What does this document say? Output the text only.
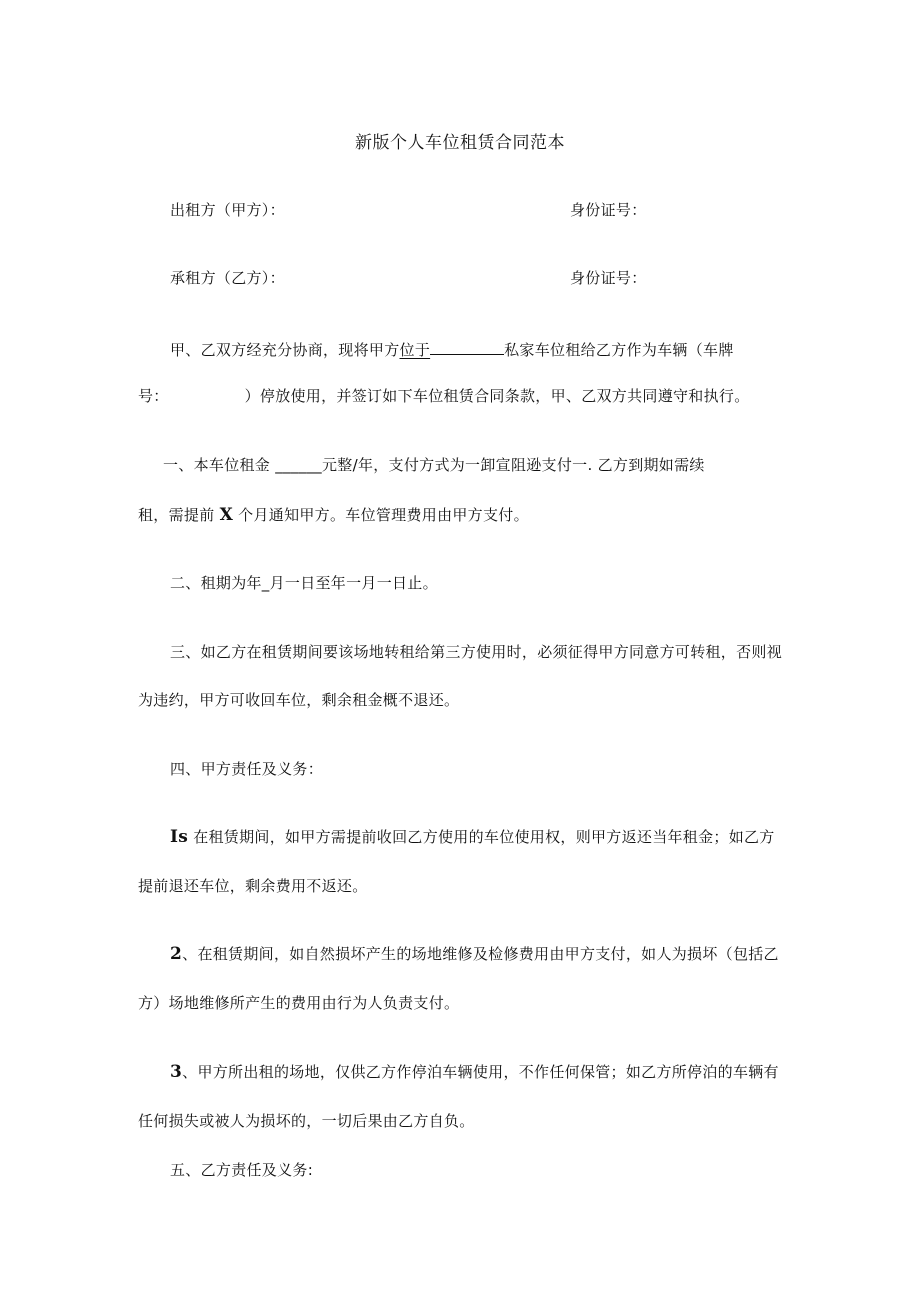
新版个人车位租赁合同范本
出租方（甲方）：	身份证号：
承租方（乙方）：	身份证号：
甲、乙双方经充分协商，现将甲方位于	私家车位租给乙方作为车辆（车牌
号：	）停放使用，并签订如下车位租赁合同条款，甲、乙双方共同遵守和执行。
一、本车位租金 ______元整/年，支付方式为一卸宣阻逊支付一. 乙方到期如需续
租，需提前 X 个月通知甲方。车位管理费用由甲方支付。
二、租期为年_月一日至年一月一日止。
三、如乙方在租赁期间要该场地转租给第三方使用时，必须征得甲方同意方可转租，否则视
为违约，甲方可收回车位，剩余租金概不退还。
四、甲方责任及义务：
Is 在租赁期间，如甲方需提前收回乙方使用的车位使用权，则甲方返还当年租金；如乙方
提前退还车位，剩余费用不返还。
2、在租赁期间，如自然损坏产生的场地维修及检修费用由甲方支付，如人为损坏（包括乙
方）场地维修所产生的费用由行为人负责支付。
3、甲方所出租的场地，仅供乙方作停泊车辆使用，不作任何保管；如乙方所停泊的车辆有
任何损失或被人为损坏的，一切后果由乙方自负。
五、乙方责任及义务:
